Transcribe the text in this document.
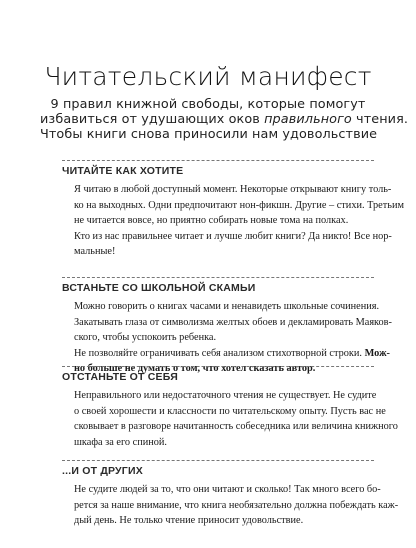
Читательский манифест
9 правил книжной свободы, которые помогут
избавиться от удушающих оков правильного чтения.
Чтобы книги снова приносили нам удовольствие
ЧИТАЙТЕ КАК ХОТИТЕ

Я читаю в любой доступный момент. Некоторые открывают книгу толь-
ко на выходных. Одни предпочитают нон-фикшн. Другие – стихи. Третьим
не читается вовсе, но приятно собирать новые тома на полках.

Кто из нас правильнее читает и лучше любит книги? Да никто! Все нор-
мальные!

ВСТАНЬТЕ СО ШКОЛЬНОЙ СКАМЬИ

Можно говорить о книгах часами и ненавидеть школьные сочинения.
Закатывать глаза от символизма желтых обоев и декламировать Маяков-
ского, чтобы успокоить ребенка.

Не позволяйте ограничивать себя анализом стихотворной строки. Мож-
но больше не думать о том, что хотел сказать автор.

ОТСТАНЬТЕ ОТ СЕБЯ

Неправильного или недостаточного чтения не существует. Не судите
о своей хорошести и классности по читательскому опыту. Пусть вас не
сковывает в разговоре начитанность собеседника или величина книжного
шкафа за его спиной.

...И ОТ ДРУГИХ

Не судите людей за то, что они читают и сколько! Так много всего бо-
рется за наше внимание, что книга необязательно должна побеждать каж-
дый день. Не только чтение приносит удовольствие.
